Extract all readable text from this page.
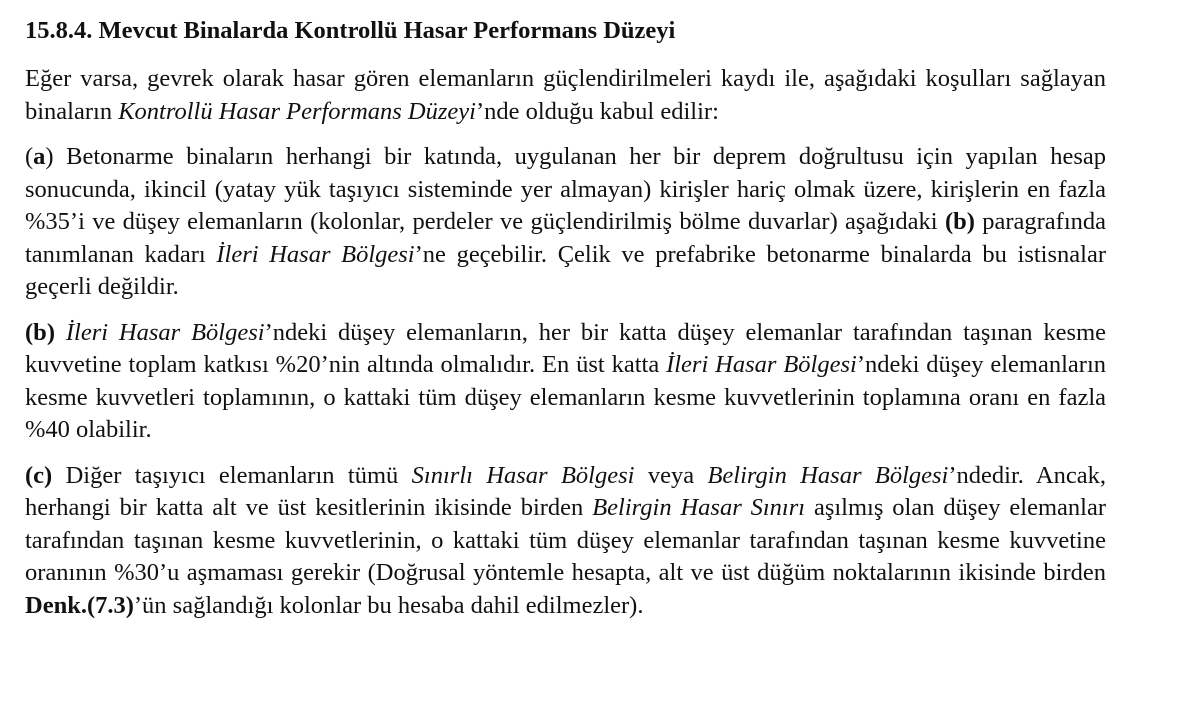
15.8.4. Mevcut Binalarda Kontrollü Hasar Performans Düzeyi

Eğer varsa, gevrek olarak hasar gören elemanların güçlendirilmeleri kaydı ile, aşağıdaki koşulları sağlayan binaların Kontrollü Hasar Performans Düzeyi’nde olduğu kabul edilir:

(a) Betonarme binaların herhangi bir katında, uygulanan her bir deprem doğrultusu için yapılan hesap sonucunda, ikincil (yatay yük taşıyıcı sisteminde yer almayan) kirişler hariç olmak üzere, kirişlerin en fazla %35’i ve düşey elemanların (kolonlar, perdeler ve güçlendirilmiş bölme duvarlar) aşağıdaki (b) paragrafında tanımlanan kadarı İleri Hasar Bölgesi’ne geçebilir. Çelik ve prefabrike betonarme binalarda bu istisnalar geçerli değildir.

(b) İleri Hasar Bölgesi’ndeki düşey elemanların, her bir katta düşey elemanlar tarafından taşınan kesme kuvvetine toplam katkısı %20’nin altında olmalıdır. En üst katta İleri Hasar Bölgesi’ndeki düşey elemanların kesme kuvvetleri toplamının, o kattaki tüm düşey elemanların kesme kuvvetlerinin toplamına oranı en fazla %40 olabilir.

(c) Diğer taşıyıcı elemanların tümü Sınırlı Hasar Bölgesi veya Belirgin Hasar Bölgesi’ndedir. Ancak, herhangi bir katta alt ve üst kesitlerinin ikisinde birden Belirgin Hasar Sınırı aşılmış olan düşey elemanlar tarafından taşınan kesme kuvvetlerinin, o kattaki tüm düşey elemanlar tarafından taşınan kesme kuvvetine oranının %30’u aşmaması gerekir (Doğrusal yöntemle hesapta, alt ve üst düğüm noktalarının ikisinde birden Denk.(7.3)’ün sağlandığı kolonlar bu hesaba dahil edilmezler).
